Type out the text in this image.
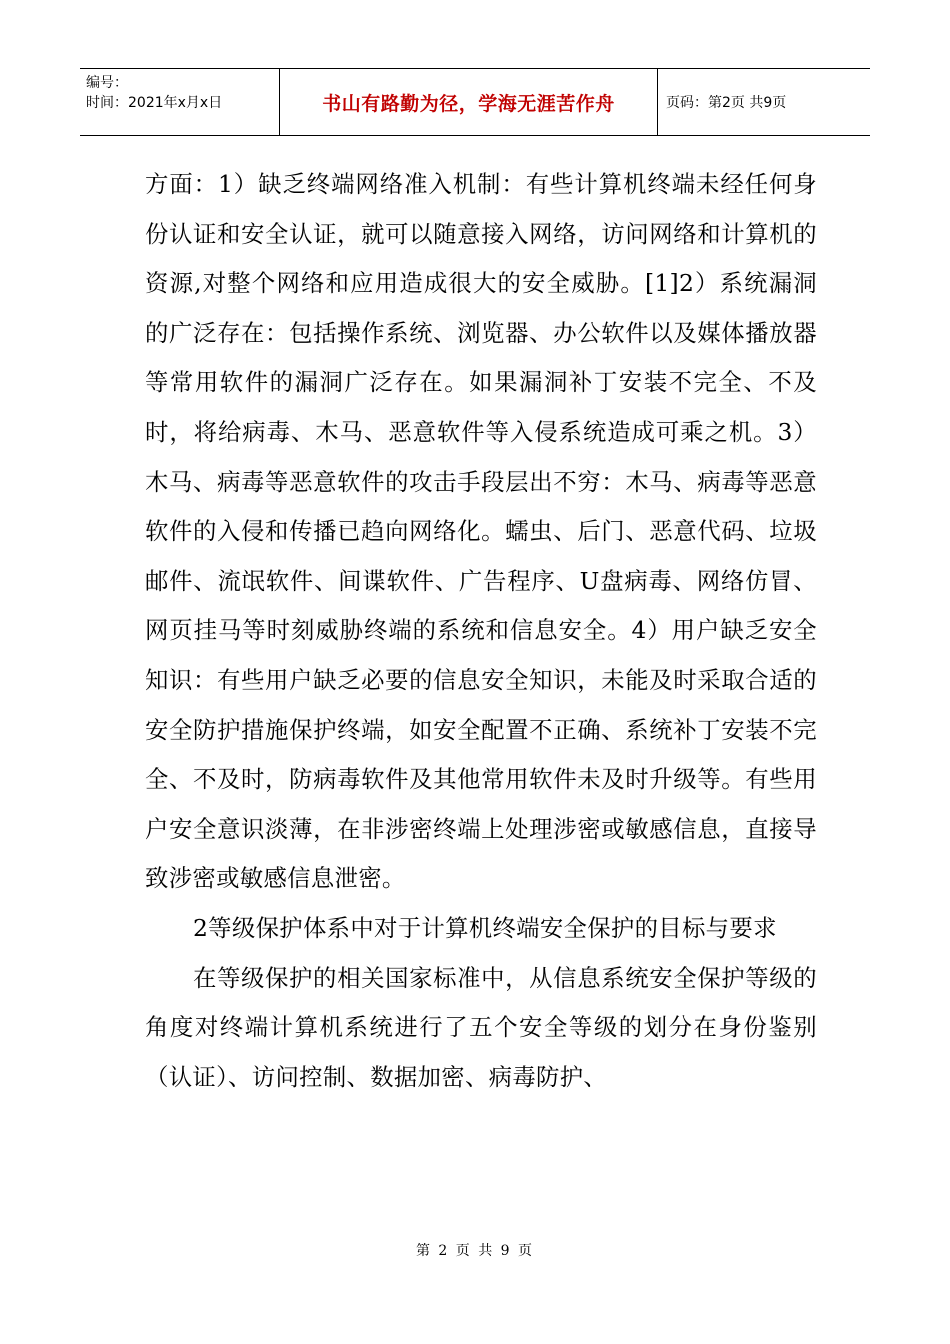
编号：
时间：2021年x月x日	书山有路勤为径，学海无涯苦作舟	页码：第2页 共9页

方面：1）缺乏终端网络准入机制：有些计算机终端未经任何身份认证和安全认证，就可以随意接入网络，访问网络和计算机的资源,对整个网络和应用造成很大的安全威胁。[1]2）系统漏洞的广泛存在：包括操作系统、浏览器、办公软件以及媒体播放器等常用软件的漏洞广泛存在。如果漏洞补丁安装不完全、不及时，将给病毒、木马、恶意软件等入侵系统造成可乘之机。3）木马、病毒等恶意软件的攻击手段层出不穷：木马、病毒等恶意软件的入侵和传播已趋向网络化。蠕虫、后门、恶意代码、垃圾邮件、流氓软件、间谍软件、广告程序、U盘病毒、网络仿冒、网页挂马等时刻威胁终端的系统和信息安全。4）用户缺乏安全知识：有些用户缺乏必要的信息安全知识，未能及时采取合适的安全防护措施保护终端，如安全配置不正确、系统补丁安装不完全、不及时，防病毒软件及其他常用软件未及时升级等。有些用户安全意识淡薄，在非涉密终端上处理涉密或敏感信息，直接导致涉密或敏感信息泄密。

2等级保护体系中对于计算机终端安全保护的目标与要求

在等级保护的相关国家标准中，从信息系统安全保护等级的角度对终端计算机系统进行了五个安全等级的划分在身份鉴别（认证）、访问控制、数据加密、病毒防护、

第 2 页 共 9 页
